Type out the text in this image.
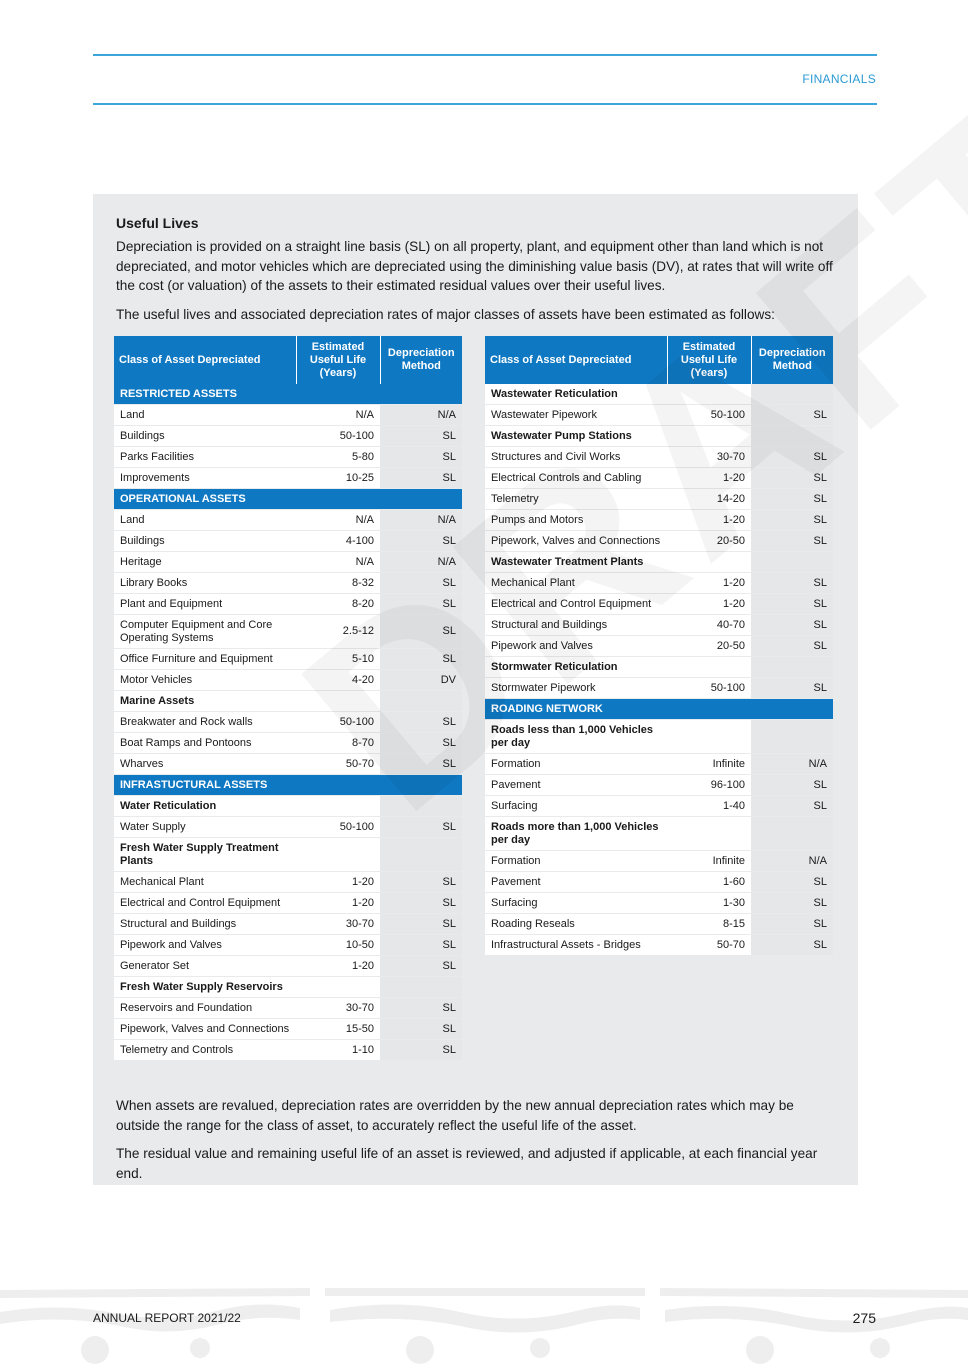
FINANCIALS
Useful Lives

Depreciation is provided on a straight line basis (SL) on all property, plant, and equipment other than land which is not depreciated, and motor vehicles which are depreciated using the diminishing value basis (DV), at rates that will write off the cost (or valuation) of the assets to their estimated residual values over their useful lives.

The useful lives and associated depreciation rates of major classes of assets have been estimated as follows:

Class of Asset Depreciated	Estimated Useful Life (Years)	Depreciation Method
RESTRICTED ASSETS		
Land	N/A	N/A
Buildings	50-100	SL
Parks Facilities	5-80	SL
Improvements	10-25	SL
OPERATIONAL ASSETS		
Land	N/A	N/A
Buildings	4-100	SL
Heritage	N/A	N/A
Library Books	8-32	SL
Plant and Equipment	8-20	SL
Computer Equipment and Core Operating Systems	2.5-12	SL
Office Furniture and Equipment	5-10	SL
Motor Vehicles	4-20	DV
Marine Assets		
Breakwater and Rock walls	50-100	SL
Boat Ramps and Pontoons	8-70	SL
Wharves	50-70	SL
INFRASTUCTURAL ASSETS		
Water Reticulation		
Water Supply	50-100	SL
Fresh Water Supply Treatment Plants		
Mechanical Plant	1-20	SL
Electrical and Control Equipment	1-20	SL
Structural and Buildings	30-70	SL
Pipework and Valves	10-50	SL
Generator Set	1-20	SL
Fresh Water Supply Reservoirs		
Reservoirs and Foundation	30-70	SL
Pipework, Valves and Connections	15-50	SL
Telemetry and Controls	1-10	SL
Class of Asset Depreciated	Estimated Useful Life (Years)	Depreciation Method
Wastewater Reticulation		
Wastewater Pipework	50-100	SL
Wastewater Pump Stations		
Structures and Civil Works	30-70	SL
Electrical Controls and Cabling	1-20	SL
Telemetry	14-20	SL
Pumps and Motors	1-20	SL
Pipework, Valves and Connections	20-50	SL
Wastewater Treatment Plants		
Mechanical Plant	1-20	SL
Electrical and Control Equipment	1-20	SL
Structural and Buildings	40-70	SL
Pipework and Valves	20-50	SL
Stormwater Reticulation		
Stormwater Pipework	50-100	SL
ROADING NETWORK		
Roads less than 1,000 Vehicles per day		
Formation	Infinite	N/A
Pavement	96-100	SL
Surfacing	1-40	SL
Roads more than 1,000 Vehicles per day		
Formation	Infinite	N/A
Pavement	1-60	SL
Surfacing	1-30	SL
Roading Reseals	8-15	SL
Infrastructural Assets - Bridges	50-70	SL

When assets are revalued, depreciation rates are overridden by the new annual depreciation rates which may be outside the range for the class of asset, to accurately reflect the useful life of the asset.

The residual value and remaining useful life of an asset is reviewed, and adjusted if applicable, at each financial year end.

ANNUAL REPORT 2021/22	275
